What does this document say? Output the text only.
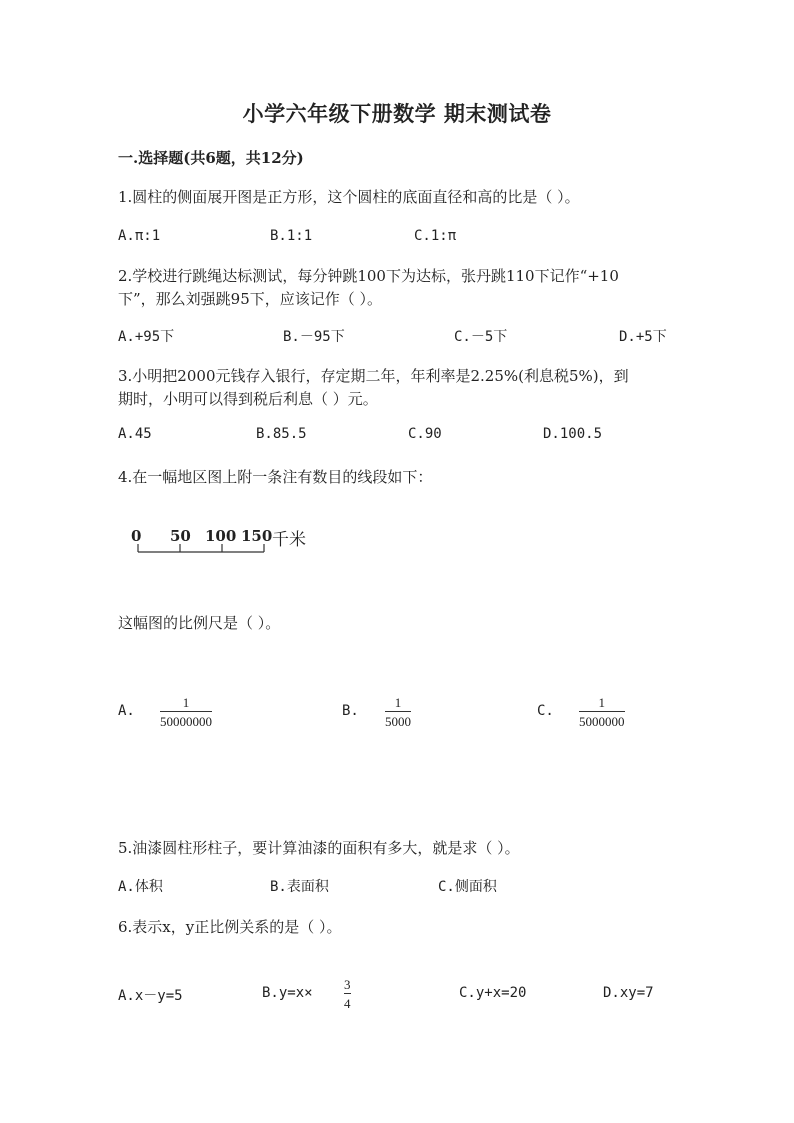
小学六年级下册数学 期末测试卷
一.选择题(共6题，共12分)
1.圆柱的侧面展开图是正方形，这个圆柱的底面直径和高的比是（ ）。
A.π:1	B.1:1	C.1:π
2.学校进行跳绳达标测试，每分钟跳100下为达标，张丹跳110下记作“+10
下”，那么刘强跳95下，应该记作（ ）。
A.+95下	B.－95下	C.－5下	D.+5下
3.小明把2000元钱存入银行，存定期二年，年利率是2.25%(利息税5%)，到
期时，小明可以得到税后利息（ ）元。
A.45	B.85.5	C.90	D.100.5
4.在一幅地区图上附一条注有数目的线段如下：
0 50 100 150 千米
这幅图的比例尺是（ ）。
A. $\frac{1}{50000000}$	B. $\frac{1}{5000}$	C. $\frac{1}{5000000}$
5.油漆圆柱形柱子，要计算油漆的面积有多大，就是求（ ）。
A.体积	B.表面积	C.侧面积
6.表示x，y正比例关系的是（ ）。
A.x－y=5	$B.y=x\times \frac{3}{4}$	C.y+x=20	D.xy=7
